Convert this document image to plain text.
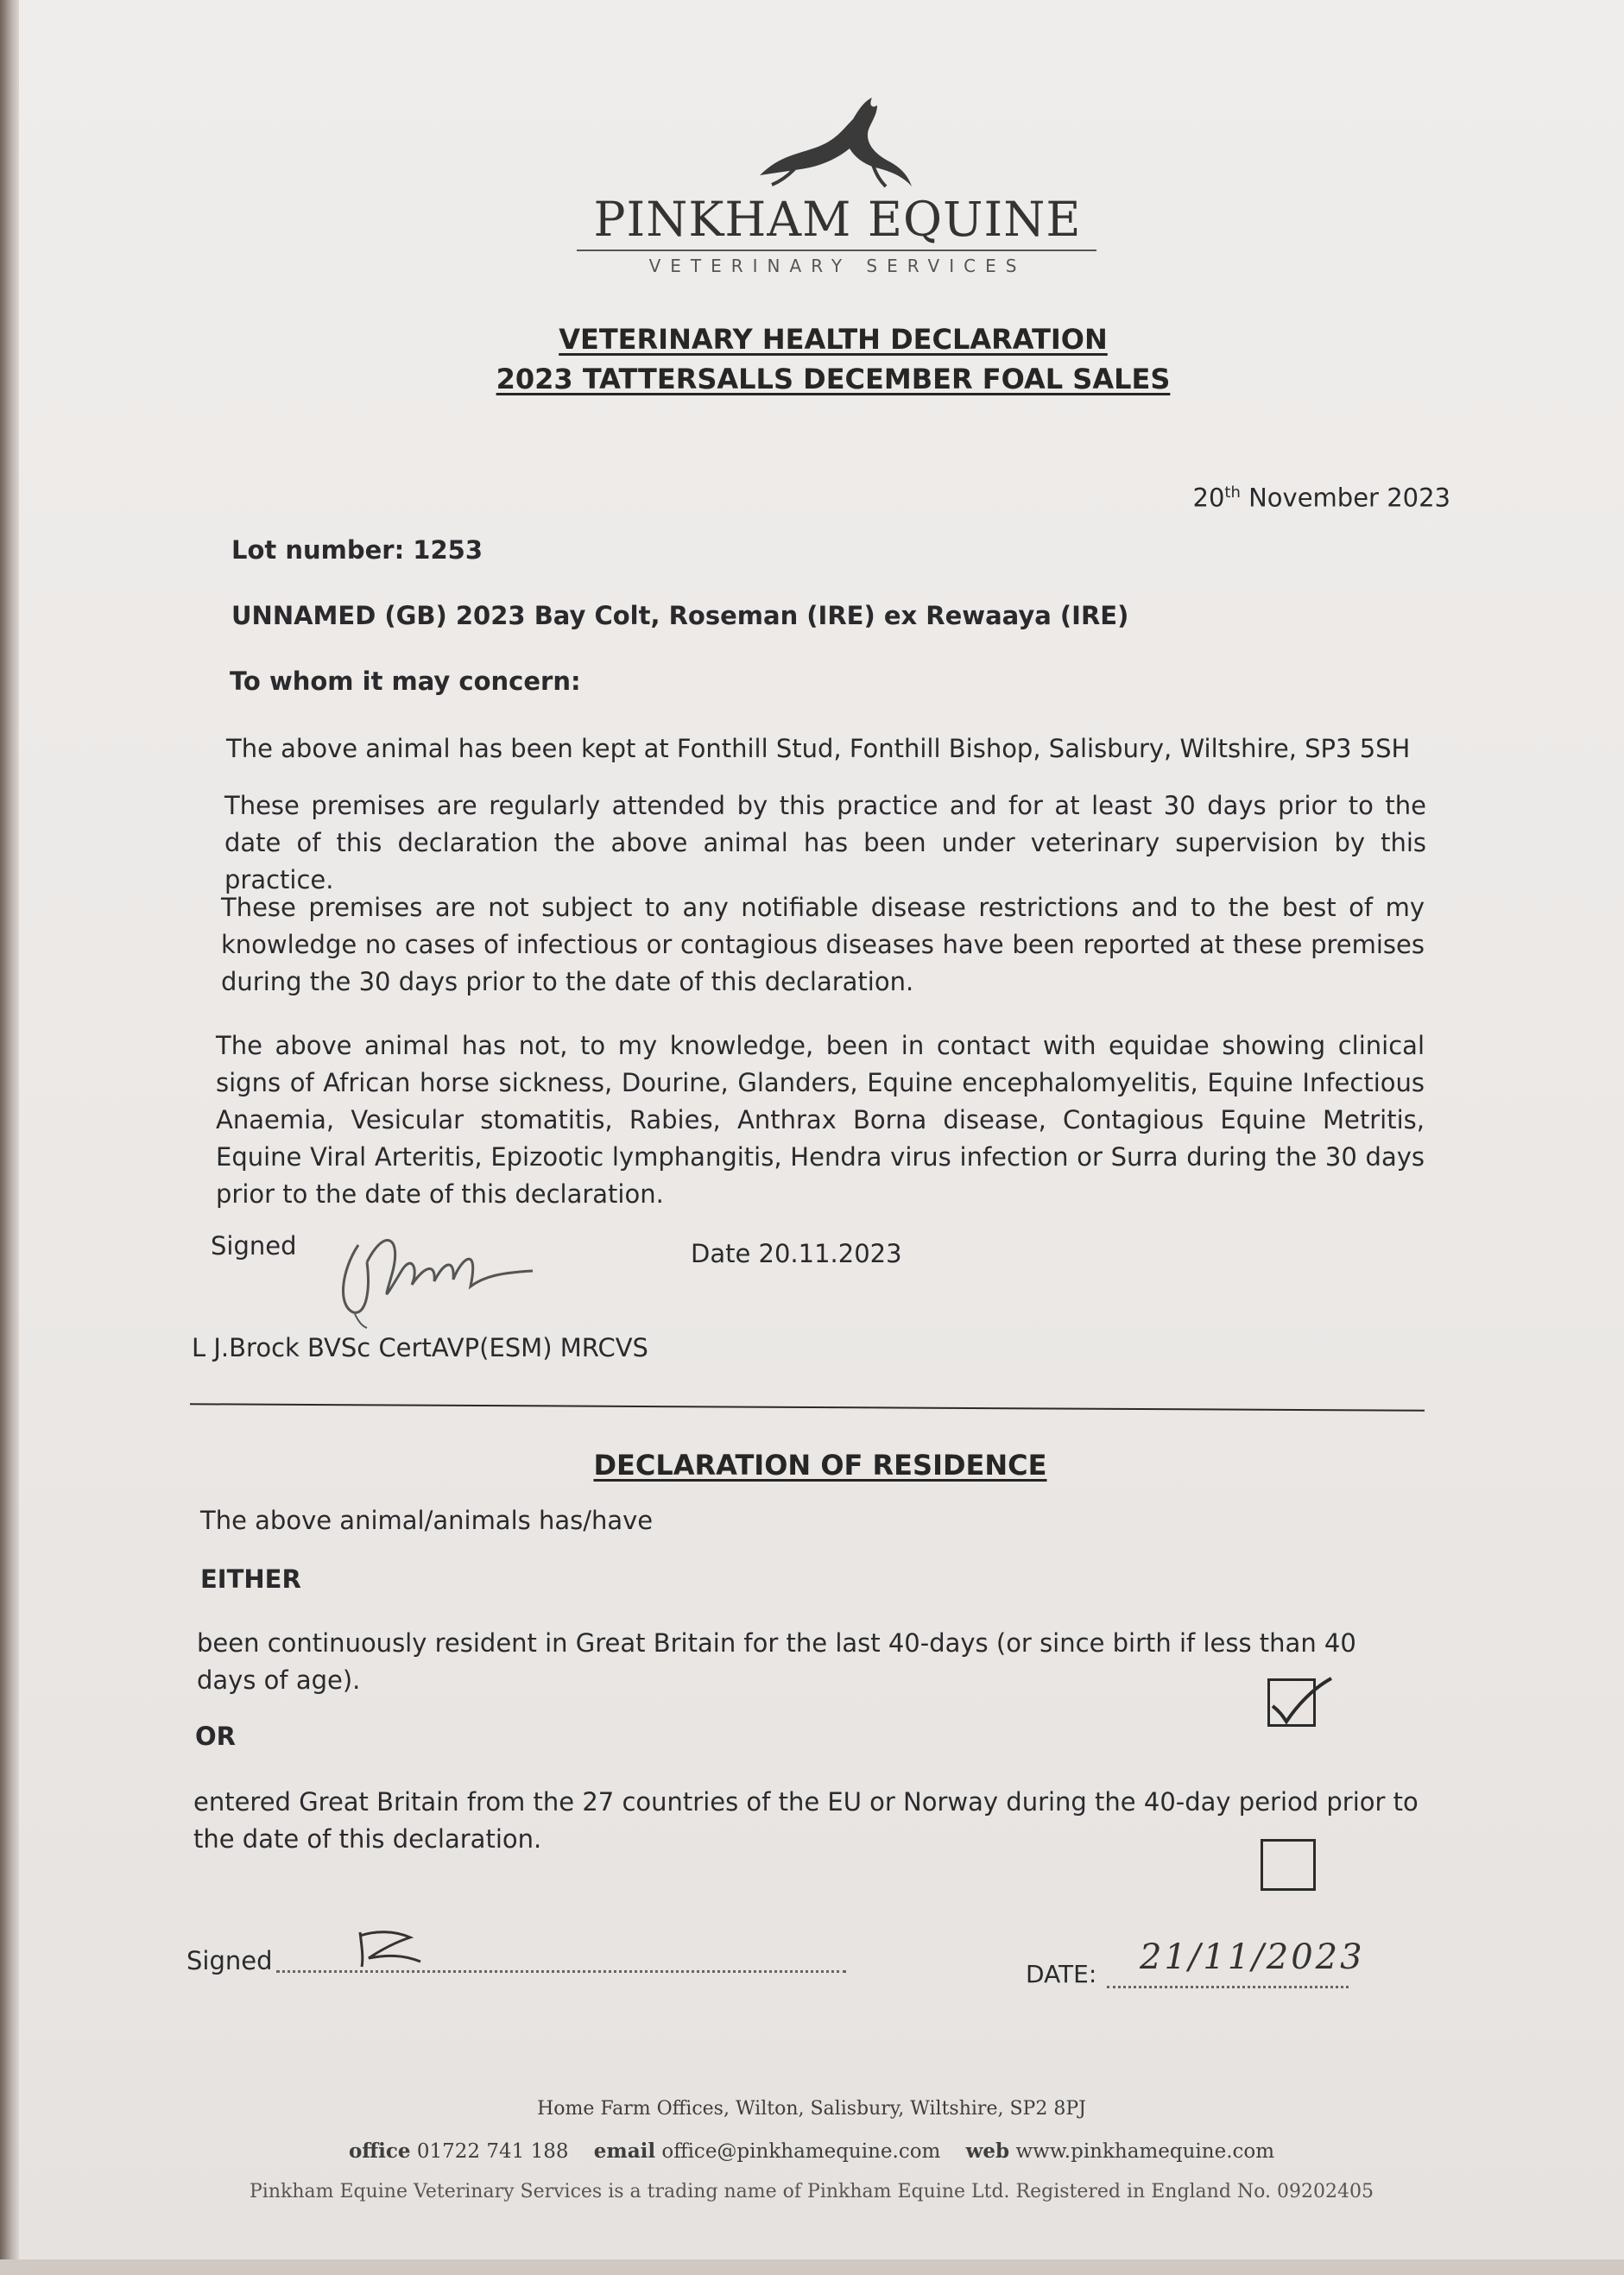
PINKHAM EQUINE
VETERINARY SERVICES
VETERINARY HEALTH DECLARATION
2023 TATTERSALLS DECEMBER FOAL SALES
20th November 2023
Lot number: 1253
UNNAMED (GB) 2023 Bay Colt, Roseman (IRE) ex Rewaaya (IRE)
To whom it may concern:
The above animal has been kept at Fonthill Stud, Fonthill Bishop, Salisbury, Wiltshire, SP3 5SH
These premises are regularly attended by this practice and for at least 30 days prior to the date of this declaration the above animal has been under veterinary supervision by this practice.
These premises are not subject to any notifiable disease restrictions and to the best of my knowledge no cases of infectious or contagious diseases have been reported at these premises during the 30 days prior to the date of this declaration.
The above animal has not, to my knowledge, been in contact with equidae showing clinical signs of African horse sickness, Dourine, Glanders, Equine encephalomyelitis, Equine Infectious Anaemia, Vesicular stomatitis, Rabies, Anthrax Borna disease, Contagious Equine Metritis, Equine Viral Arteritis, Epizootic lymphangitis, Hendra virus infection or Surra during the 30 days prior to the date of this declaration.
Signed	Date 20.11.2023
L J.Brock BVSc CertAVP(ESM) MRCVS
DECLARATION OF RESIDENCE
The above animal/animals has/have
EITHER
been continuously resident in Great Britain for the last 40-days (or since birth if less than 40 days of age).
OR
entered Great Britain from the 27 countries of the EU or Norway during the 40-day period prior to the date of this declaration.
Signed	DATE: 21/11/2023
Home Farm Offices, Wilton, Salisbury, Wiltshire, SP2 8PJ
office 01722 741 188 email office@pinkhamequine.com web www.pinkhamequine.com
Pinkham Equine Veterinary Services is a trading name of Pinkham Equine Ltd. Registered in England No. 09202405
